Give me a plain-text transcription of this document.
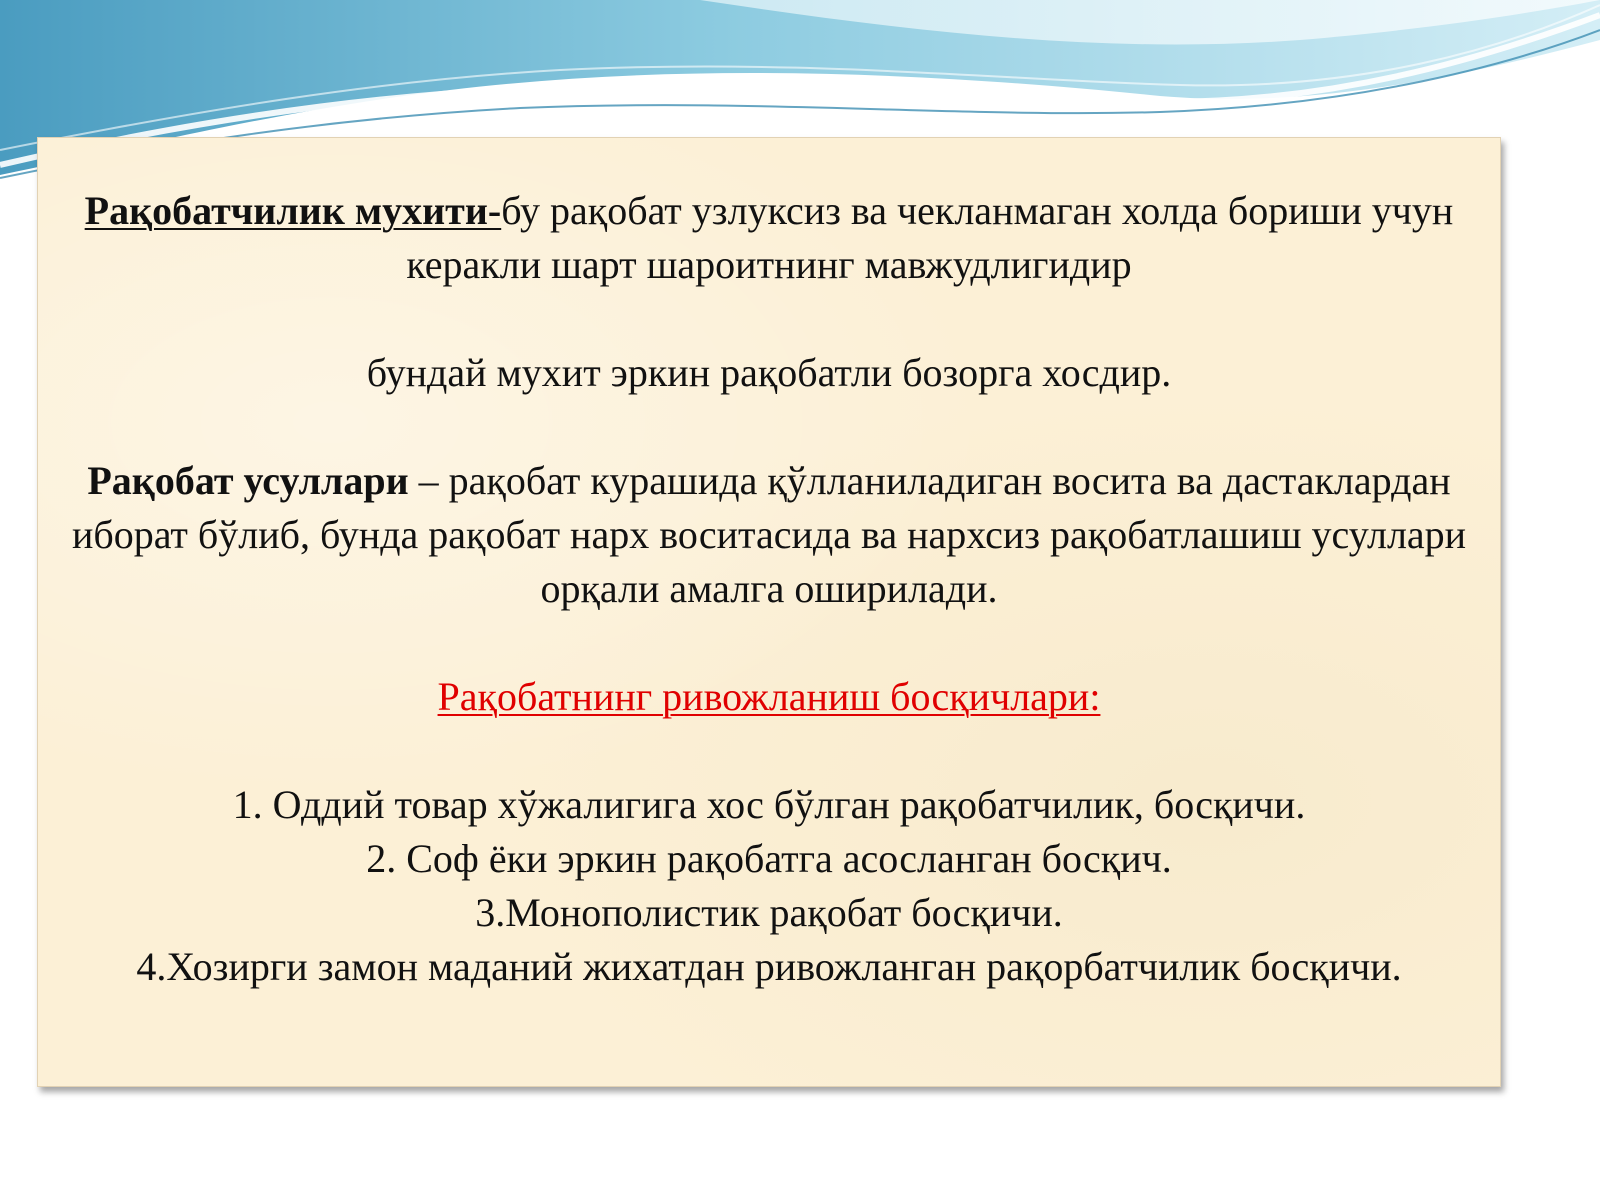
Рақобатчилик мухити-бу рақобат узлуксиз ва чекланмаган холда бориши учун керакли шарт шароитнинг мавжудлигидир

бундай мухит эркин рақобатли бозорга хосдир.

Рақобат усуллари – рақобат курашида қўлланиладиган восита ва дастаклардан иборат бўлиб, бунда рақобат нарх воситасида ва нархсиз рақобатлашиш усуллари орқали амалга оширилади.

Рақобатнинг ривожланиш босқичлари:

1. Оддий товар хўжалигига хос бўлган рақобатчилик, босқичи.

2. Соф ёки эркин рақобатга асосланган босқич.

3.Монополистик рақобат босқичи.

4.Хозирги замон маданий жихатдан ривожланган рақорбатчилик босқичи.
